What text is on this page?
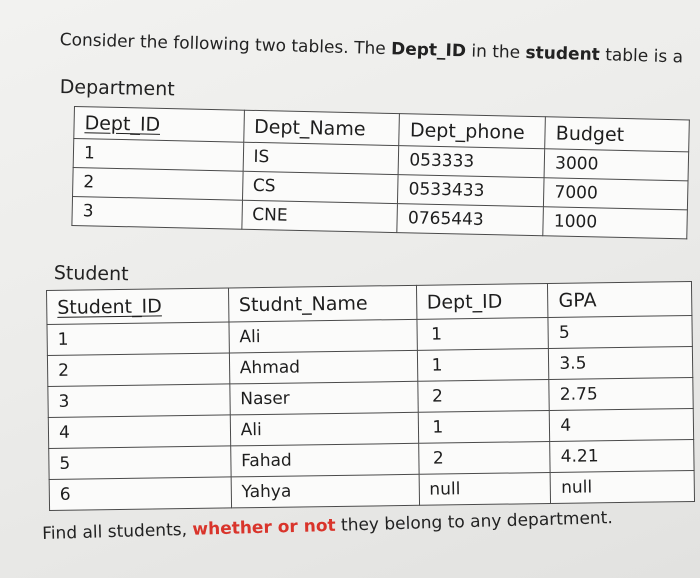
Consider the following two tables. The Dept_ID in the student table is a
Department
Dept_ID	Dept_Name	Dept_phone	Budget
1	IS	053333	3000
2	CS	0533433	7000
3	CNE	0765443	1000
Student
Student_ID	Studnt_Name	Dept_ID	GPA
1	Ali	1	5
2	Ahmad	1	3.5
3	Naser	2	2.75
4	Ali	1	4
5	Fahad	2	4.21
6	Yahya	null	null
Find all students, whether or not they belong to any department.
